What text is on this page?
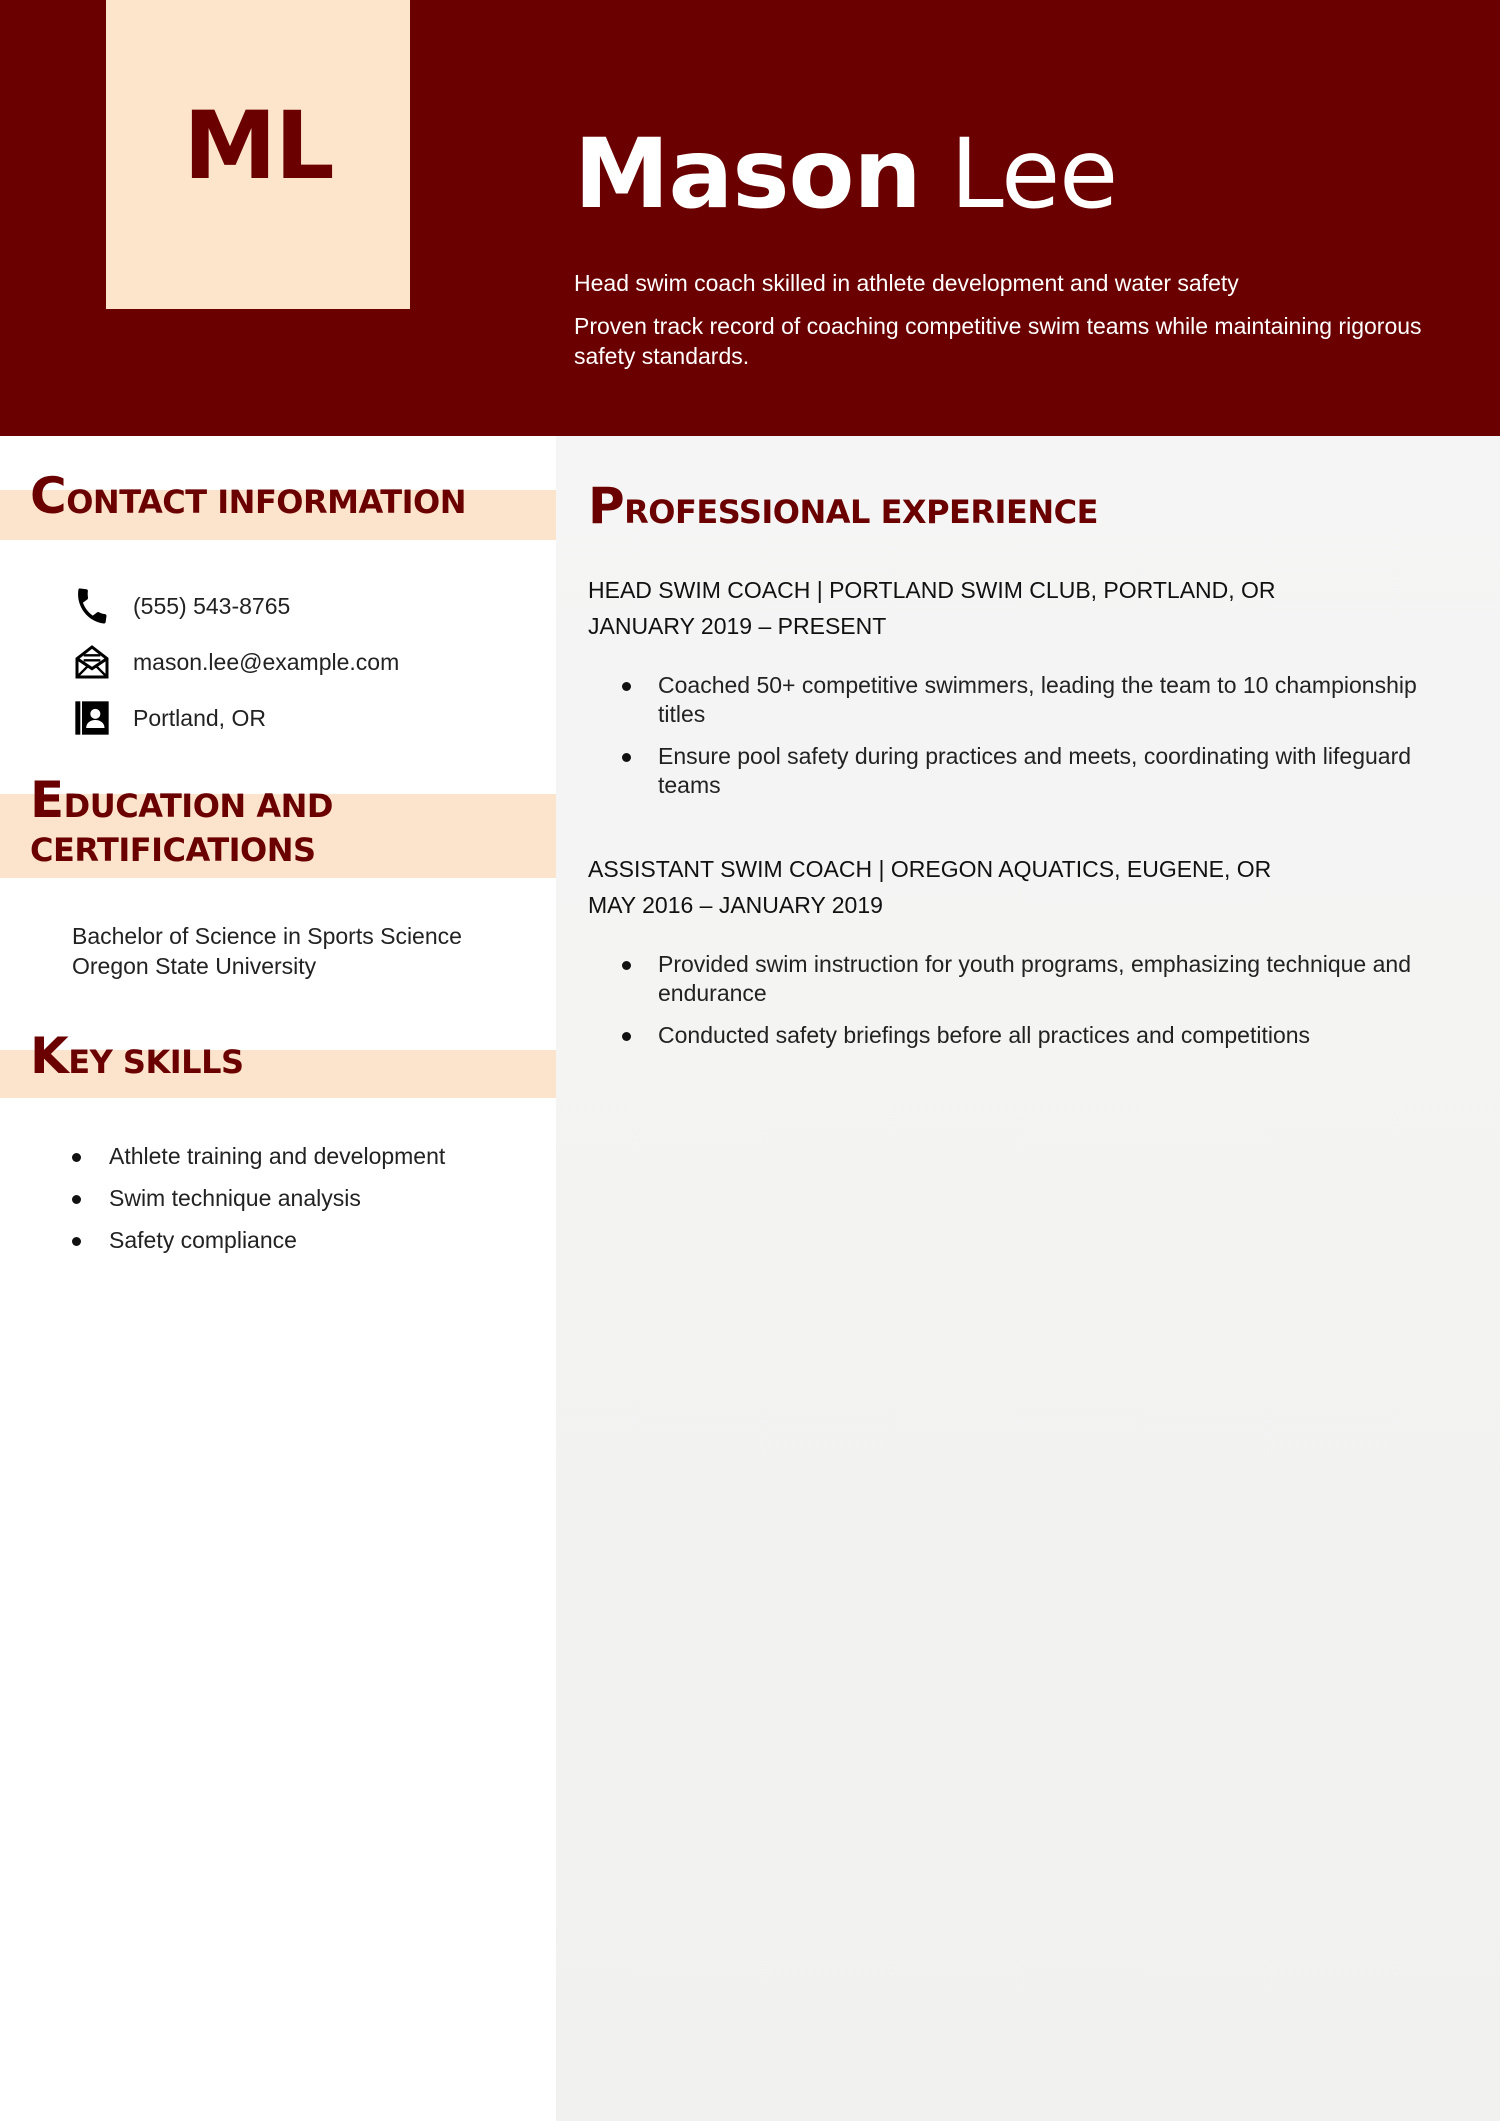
ML	Mason Lee
Head swim coach skilled in athlete development and water safety
Proven track record of coaching competitive swim teams while maintaining rigorous safety standards.
CONTACT INFORMATION
(555) 543-8765
mason.lee@example.com
Portland, OR
EDUCATION AND
CERTIFICATIONS
Bachelor of Science in Sports Science
Oregon State University
KEY SKILLS
Athlete training and development
Swim technique analysis
Safety compliance
PROFESSIONAL EXPERIENCE
HEAD SWIM COACH | PORTLAND SWIM CLUB, PORTLAND, OR
JANUARY 2019 – PRESENT
Coached 50+ competitive swimmers, leading the team to 10 championship titles
Ensure pool safety during practices and meets, coordinating with lifeguard teams
ASSISTANT SWIM COACH | OREGON AQUATICS, EUGENE, OR
MAY 2016 – JANUARY 2019
Provided swim instruction for youth programs, emphasizing technique and endurance
Conducted safety briefings before all practices and competitions
